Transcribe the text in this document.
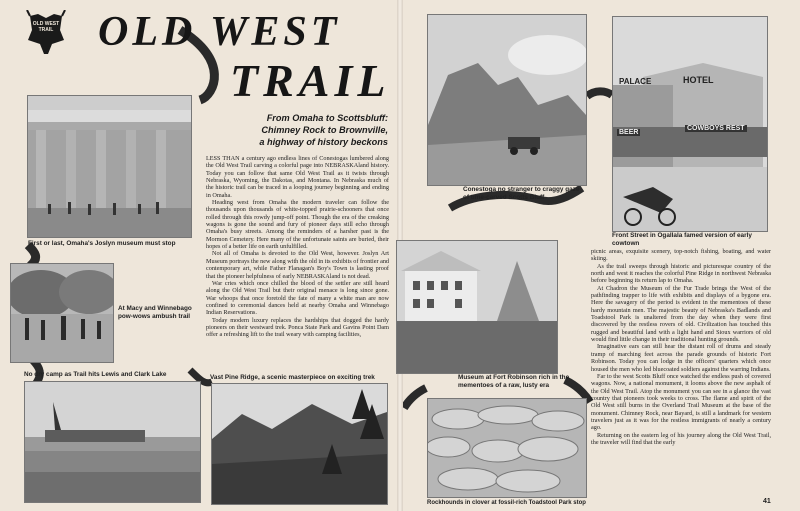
OLD WEST
TRAIL	OLD WEST
TRAIL
From Omaha to Scottsbluff:
Chimney Rock to Brownville,
a highway of history beckons
First or last, Omaha's Joslyn museum must stop
At Macy and Winnebago pow-wows ambush trail
No dry camp as Trail hits Lewis and Clark Lake	Vast Pine Ridge, a scenic masterpiece on exciting trek

LESS THAN a century ago endless lines of Conestogas lumbered along the Old West Trail carving a colorful page into NEBRASKAland history. Today you can follow that same Old West Trail as it twists through Nebraska, Wyoming, the Dakotas, and Montana. In Nebraska much of the historic trail can be traced in a looping journey beginning and ending in Omaha.

Heading west from Omaha the modern traveler can follow the thousands upon thousands of white-topped prairie-schooners that once rolled through this rowdy jump-off point. Though the era of the creaking wagons is gone the sound and fury of pioneer days still echo through Omaha's busy streets. Among the reminders of a harsher past is the Mormon Cemetery. Here many of the unfortunate saints are buried, their hopes of a better life on earth unfulfilled.

Not all of Omaha is devoted to the Old West, however. Joslyn Art Museum portrays the new along with the old in its exhibits of frontier and contemporary art, while Father Flanagan's Boy's Town is lasting proof that the pioneer helpfulness of early NEBRASKAland is not dead.

War cries which once chilled the blood of the settler are still heard along the Old West Trail but their original menace is long since gone. War whoops that once foretold the fate of many a white man are now confined to ceremonial dances held at nearby Omaha and Winnebago Indian Reservations.

Today modern luxury replaces the hardships that dogged the hardy pioneers on their westward trek. Ponca State Park and Gavins Point Dam offer a refreshing lift to the trail weary with camping facilities,

Conestoga no stranger to craggy gaze of time-carved Scotts Bluff
PALACE	HOTEL
BEER
COWBOYS REST
Front Street in Ogallala famed version of early cowtown
Museum at Fort Robinson rich in the mementoes of a raw, lusty era
Rockhounds in clover at fossil-rich Toadstool Park stop

picnic areas, exquisite scenery, top-notch fishing, boating, and water skiing.

As the trail sweeps through historic and picturesque country of the north and west it reaches the colorful Pine Ridge in northwest Nebraska before beginning its return lap to Omaha.

At Chadron the Museum of the Fur Trade brings the West of the pathfinding trapper to life with exhibits and displays of a bygone era. Here the savagery of the period is evident in the mementoes of these hardy mountain men. The majestic beauty of Nebraska's Badlands and Toadstool Park is unaltered from the day when they were first discovered by the restless rovers of old. Civilization has touched this rugged and beautiful land with a light hand and Sioux warriors of old would find little change in their traditional hunting grounds.

Imaginative ears can still hear the distant roll of drums and steady tramp of marching feet across the parade grounds of historic Fort Robinson. Today you can lodge in the officers' quarters which once housed the men who led bluecoated soldiers against the warring Indians.

Far to the west Scotts Bluff once watched the endless push of covered wagons. Now, a national monument, it looms above the new asphalt of the Old West Trail. Atop the monument you can see in a glance the vast country that pioneers took weeks to cross. The flame and spirit of the Old West still burns in the Overland Trail Museum at the base of the monument. Chimney Rock, near Bayard, is still a landmark for western travelers just as it was for the restless immigrants of nearly a century ago.

Returning on the eastern leg of his journey along the Old West Trail, the traveler will find that the early

41
